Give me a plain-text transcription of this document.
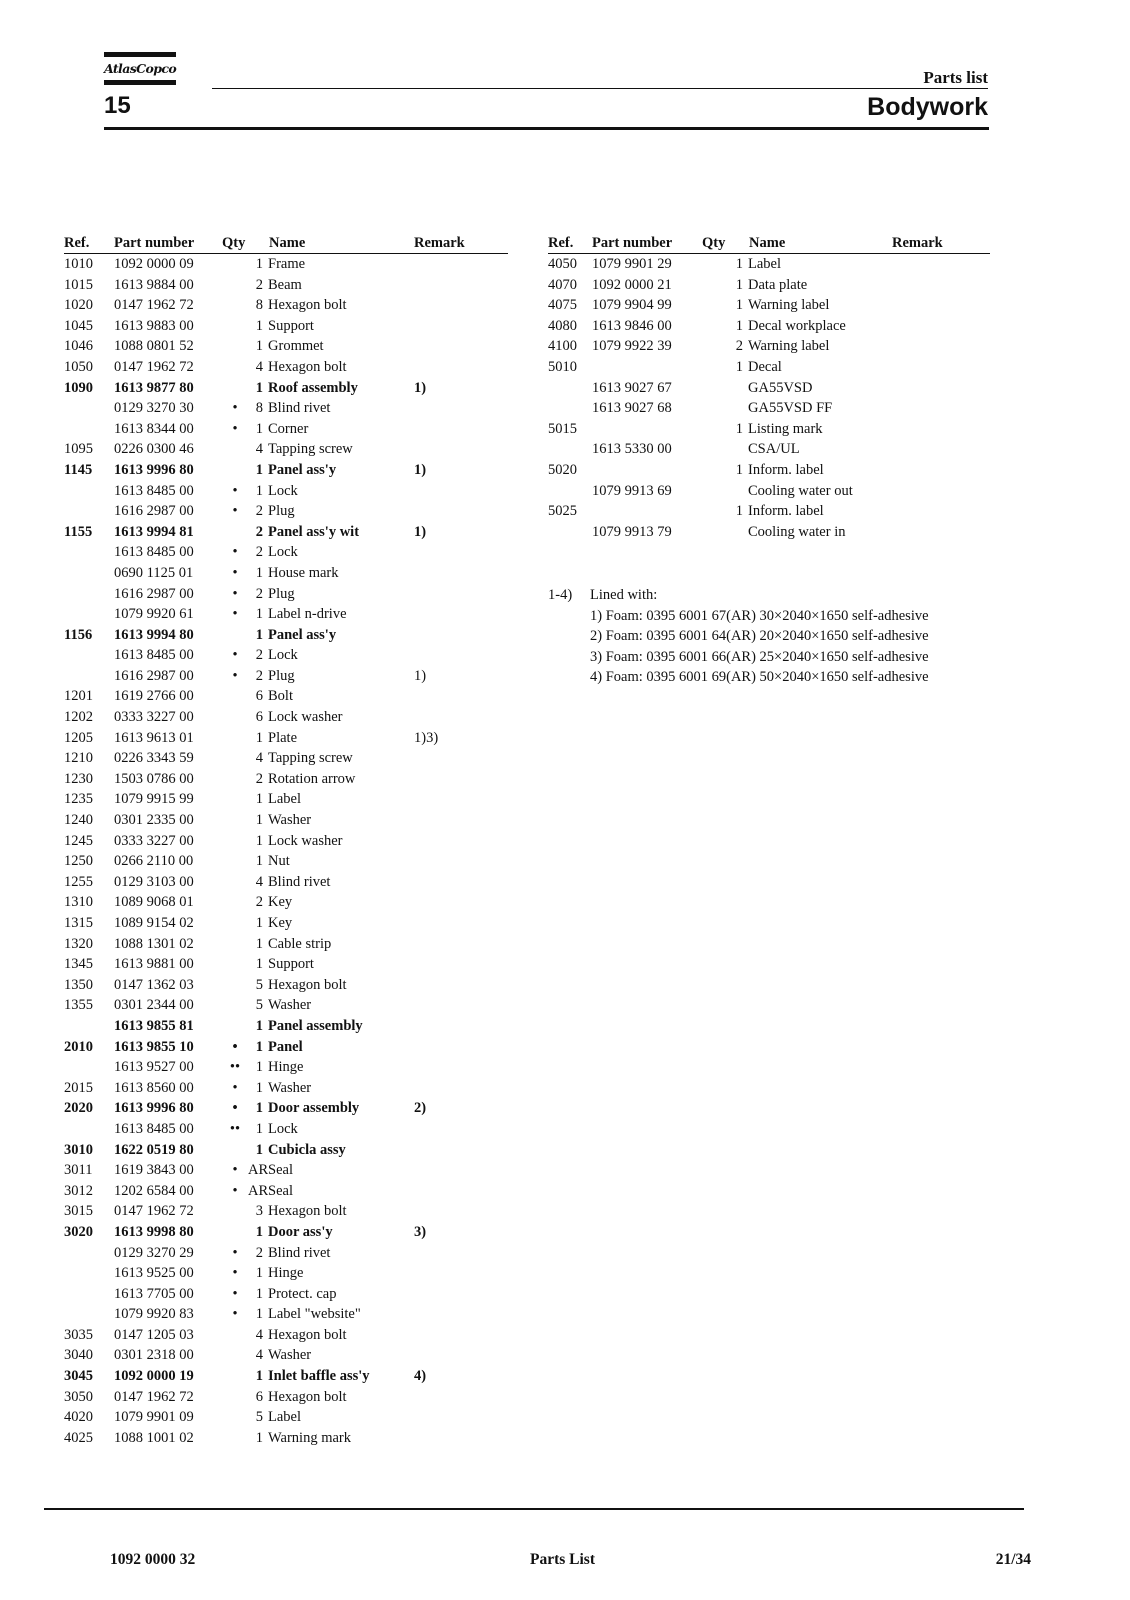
AtlasCopco
15
Parts list
Bodywork
Ref.	Part number	Qty		Name	Remark
1010	1092 0000 09		1	Frame	
1015	1613 9884 00		2	Beam	
1020	0147 1962 72		8	Hexagon bolt	
1045	1613 9883 00		1	Support	
1046	1088 0801 52		1	Grommet	
1050	0147 1962 72		4	Hexagon bolt	
1090	1613 9877 80		1	Roof assembly	1)
	0129 3270 30	•	8	Blind rivet	
	1613 8344 00	•	1	Corner	
1095	0226 0300 46		4	Tapping screw	
1145	1613 9996 80		1	Panel ass'y	1)
	1613 8485 00	•	1	Lock	
	1616 2987 00	•	2	Plug	
1155	1613 9994 81		2	Panel ass'y wit	1)
	1613 8485 00	•	2	Lock	
	0690 1125 01	•	1	House mark	
	1616 2987 00	•	2	Plug	
	1079 9920 61	•	1	Label n-drive	
1156	1613 9994 80		1	Panel ass'y	
	1613 8485 00	•	2	Lock	
	1616 2987 00	•	2	Plug	1)
1201	1619 2766 00		6	Bolt	
1202	0333 3227 00		6	Lock washer	
1205	1613 9613 01		1	Plate	1)3)
1210	0226 3343 59		4	Tapping screw	
1230	1503 0786 00		2	Rotation arrow	
1235	1079 9915 99		1	Label	
1240	0301 2335 00		1	Washer	
1245	0333 3227 00		1	Lock washer	
1250	0266 2110 00		1	Nut	
1255	0129 3103 00		4	Blind rivet	
1310	1089 9068 01		2	Key	
1315	1089 9154 02		1	Key	
1320	1088 1301 02		1	Cable strip	
1345	1613 9881 00		1	Support	
1350	0147 1362 03		5	Hexagon bolt	
1355	0301 2344 00		5	Washer	
	1613 9855 81		1	Panel assembly	
2010	1613 9855 10	•	1	Panel	
	1613 9527 00	••	1	Hinge	
2015	1613 8560 00	•	1	Washer	
2020	1613 9996 80	•	1	Door assembly	2)
	1613 8485 00	••	1	Lock	
3010	1622 0519 80		1	Cubicla assy	
3011	1619 3843 00	•	AR	Seal	
3012	1202 6584 00	•	AR	Seal	
3015	0147 1962 72		3	Hexagon bolt	
3020	1613 9998 80		1	Door ass'y	3)
	0129 3270 29	•	2	Blind rivet	
	1613 9525 00	•	1	Hinge	
	1613 7705 00	•	1	Protect. cap	
	1079 9920 83	•	1	Label "website"	
3035	0147 1205 03		4	Hexagon bolt	
3040	0301 2318 00		4	Washer	
3045	1092 0000 19		1	Inlet baffle ass'y	4)
3050	0147 1962 72		6	Hexagon bolt	
4020	1079 9901 09		5	Label	
4025	1088 1001 02		1	Warning mark	
Ref.	Part number	Qty		Name	Remark
4050	1079 9901 29		1	Label	
4070	1092 0000 21		1	Data plate	
4075	1079 9904 99		1	Warning label	
4080	1613 9846 00		1	Decal workplace	
4100	1079 9922 39		2	Warning label	
5010			1	Decal	
	1613 9027 67			GA55VSD	
	1613 9027 68			GA55VSD FF	
5015			1	Listing mark	
	1613 5330 00			CSA/UL	
5020			1	Inform. label	
	1079 9913 69			Cooling water out	
5025			1	Inform. label	
	1079 9913 79			Cooling water in	
1-4)	Lined with:
1) Foam: 0395 6001 67(AR) 30×2040×1650 self-adhesive
2) Foam: 0395 6001 64(AR) 20×2040×1650 self-adhesive
3) Foam: 0395 6001 66(AR) 25×2040×1650 self-adhesive
4) Foam: 0395 6001 69(AR) 50×2040×1650 self-adhesive
1092 0000 32	Parts List	21/34
